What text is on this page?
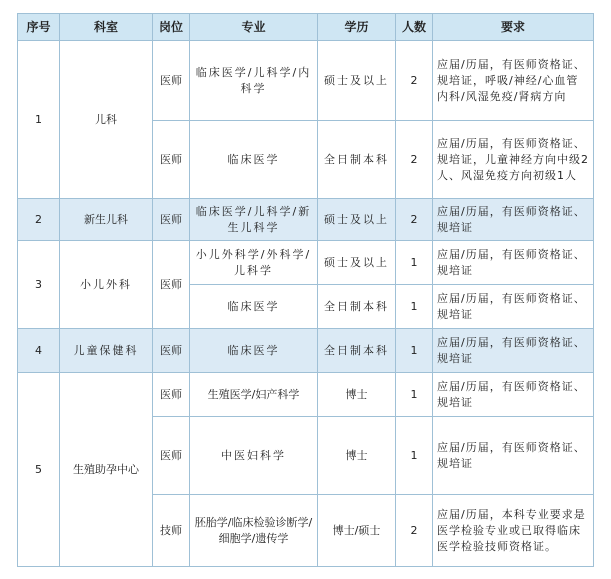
序号	科室	岗位	专业	学历	人数	要求
1	儿科	医师	临床医学/儿科学/内科学	硕士及以上	2	应届/历届，有医师资格证、规培证，呼吸/神经/心血管内科/风湿免疫/肾病方向
		医师	临床医学	全日制本科	2	应届/历届，有医师资格证、规培证，儿童神经方向中级2人、风湿免疫方向初级1人
2	新生儿科	医师	临床医学/儿科学/新生儿科学	硕士及以上	2	应届/历届，有医师资格证、规培证
3	小儿外科	医师	小儿外科学/外科学/儿科学	硕士及以上	1	应届/历届，有医师资格证、规培证
			临床医学	全日制本科	1	应届/历届，有医师资格证、规培证
4	儿童保健科	医师	临床医学	全日制本科	1	应届/历届，有医师资格证、规培证
5	生殖助孕中心	医师	生殖医学/妇产科学	博士	1	应届/历届，有医师资格证、规培证
		医师	中医妇科学	博士	1	应届/历届，有医师资格证、规培证
		技师	胚胎学/临床检验诊断学/细胞学/遗传学	博士/硕士	2	应届/历届，本科专业要求是医学检验专业或已取得临床医学检验技师资格证。
